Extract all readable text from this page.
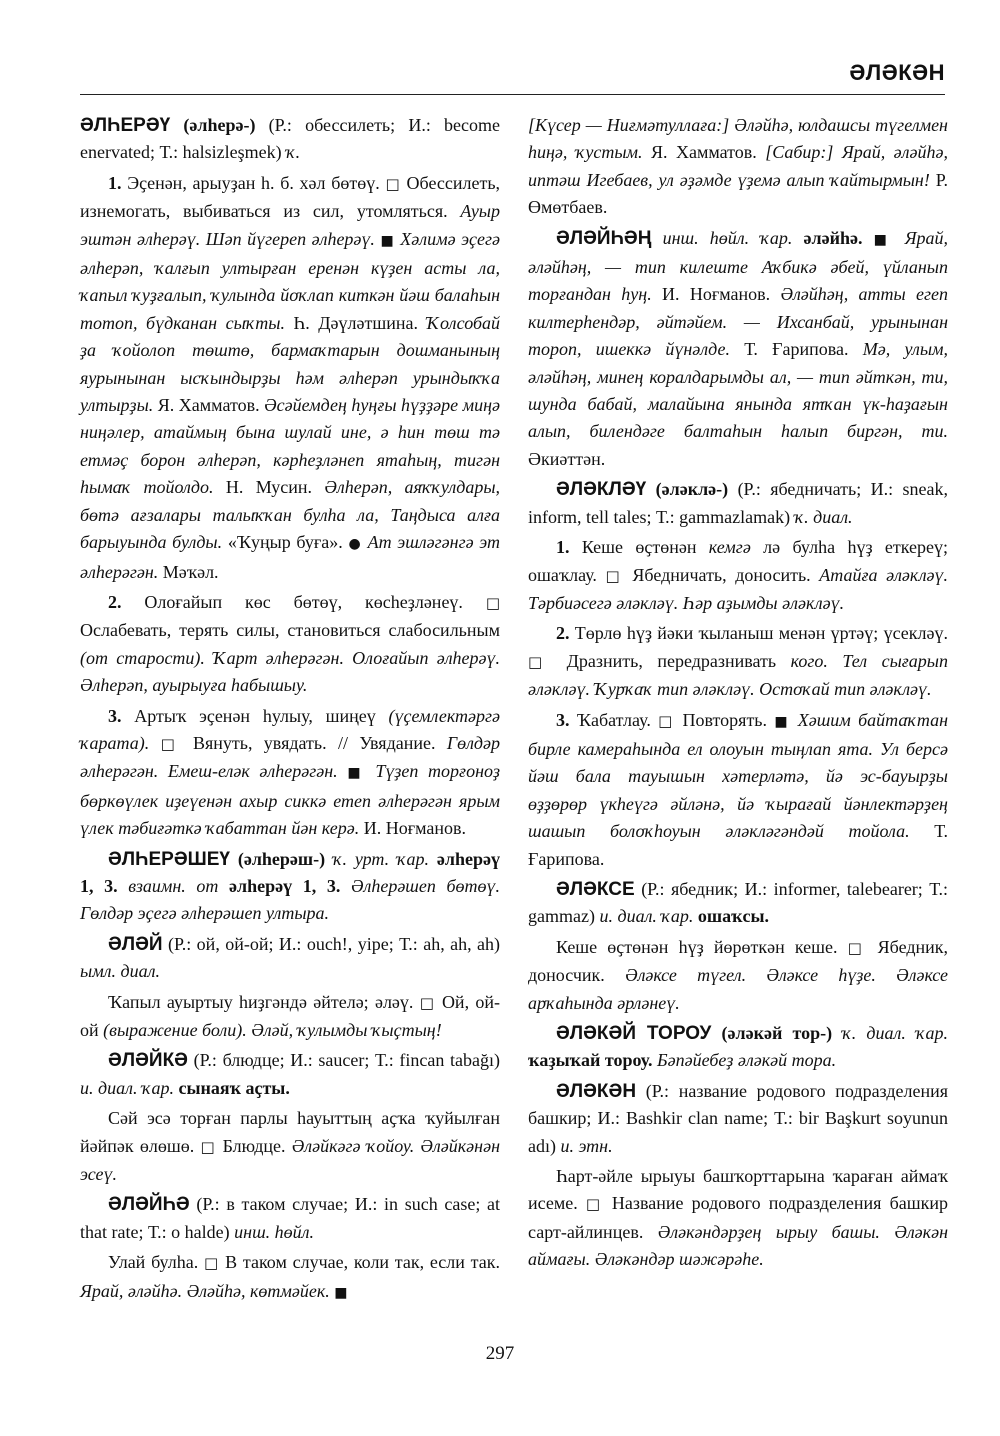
ӘЛӘКӘН

ӘЛҺЕРӘҮ (әлһерә-) (Р.: обессилеть; И.: become enervated; Т.: halsizleşmek) ҡ.

1. Эҫенән, арыуҙан һ. б. хәл бөтөү. □ Обессилеть, изнемогать, выбиваться из сил, утомляться. Ауыр эштән әлһерәү. Шәп йүгереп әлһерәү. ■ Хәлимә эҫегә әлһерәп, ҡалғып ултырған еренән күҙен асты ла, ҡапыл ҡуҙғалып, ҡулында йоҡлап киткән йәш балаһын тотоп, бүдканан сыҡты. Һ. Дәүләтшина. Ҡолсобай ҙа ҡойолоп төштө, бармаҡтарын дошманының яурынынан ысҡындырҙы һәм әлһерәп урындыҡҡа ултырҙы. Я. Хамматов. Әсәйемдең һуңғы һүҙҙәре миңә ниңәлер, атаймың бына шулай ине, ә һин төш тә етмәҫ борон әлһерәп, кәрһеҙләнеп ятаһың, тигән һымаҡ тойолдо. Н. Мусин. Әлһерәп, аяҡҡулдары, бөтә ағзалары талыҡҡан булһа ла, Таңдыса алға барыуында булды. «Ҡуңыр буға». ● Ат эшләгәнгә эт әлһерәгән. Мәҡәл.

2. Олоғайып көс бөтөү, көсһеҙләнеү. □ Ослабевать, терять силы, становиться слабосильным (от старости). Ҡарт әлһерәгән. Олоғайып әлһерәү. Әлһерәп, ауырыуға һабышыу.

3. Артыҡ эҫенән һулыу, шиңеү (үҫемлектәргә ҡарата). □ Вянуть, увядать. // Увядание. Гөлдәр әлһерәгән. Емеш-еләк әлһерәгән. ■ Түҙеп торғоноҙ бөркөүлек иҙеүенән ахыр сиккә етеп әлһерәгән ярым үлек тәбиғәткә ҡабаттан йән керә. И. Ноғманов.

ӘЛҺЕРӘШЕҮ (әлһерәш-) ҡ. урт. ҡар. әлһерәү 1, 3. взаимн. от әлһерәү 1, 3. Әлһерәшеп бөтөү. Гөлдәр эҫегә әлһерәшеп ултыра.

ӘЛӘЙ (Р.: ой, ой-ой; И.: ouch!, yipe; Т.: ah, ah, ah) ымл. диал.

Ҡапыл ауыртыу һиҙгәндә әйтелә; әләү. □ Ой, ой-ой (выражение боли). Әләй, ҡулымды ҡыҫтың!

ӘЛӘЙКӘ (Р.: блюдце; И.: saucer; Т.: fincan tabağı) и. диал. ҡар. сынаяҡ аҫты.

Сәй эсә торған парлы һауыттың аҫҡа ҡуйылған йәйпәк өлөшө. □ Блюдце. Әләйкәгә ҡойоу. Әләйкәнән эсеү.

ӘЛӘЙҺӘ (Р.: в таком случае; И.: in such case; at that rate; Т.: o halde) инш. һөйл.

Улай булһа. □ В таком случае, коли так, если так. Ярай, әләйһә. Әләйһә, көтмәйек. ■

[Күсер — Ниғмәтуллаға:] Әләйһә, юлдашсы түгелмен һиңә, ҡустым. Я. Хамматов. [Сабир:] Ярай, әләйһә, иптәш Игебаев, ул әҙәмде үҙемә алып ҡайтырмын! Р. Өмөтбаев.

ӘЛӘЙҺӘҢ инш. һөйл. ҡар. әләйһә. ■ Ярай, әләйһәң, — тип килеште Аҡбикә әбей, үйланып торғандан һуң. И. Ноғманов. Әләйһәң, атты егеп килтерһендәр, әйтәйем. — Ихсанбай, урынынан тороп, ишеккә йүнәлде. Т. Ғарипова. Мә, улым, әләйһәң, минең коралдарымды ал, — тип әйткән, ти, шунда бабай, малайына янында ятҡан үк-һаҙағын алып, билендәге балтаһын һалып биргән, ти. Әкиәттән.

ӘЛӘКЛӘҮ (әләклә-) (Р.: ябедничать; И.: sneak, inform, tell tales; Т.: gammazlamak) ҡ. диал.

1. Кеше өҫтөнән кемгә лә булһа һүҙ еткереү; ошаҡлау. □ Ябедничать, доносить. Атайға әләкләү. Тәрбиәсегә әләкләү. Һәр аҙымды әләкләү.

2. Төрлө һүҙ йәки ҡыланыш менән үртәү; үсекләү. □ Дразнить, передразнивать кого. Тел сығарып әләкләү. Ҡурҡаҡ тип әләкләү. Остоҡай тип әләкләү.

3. Ҡабатлау. □ Повторять. ■ Хәшим байтаҡтан бирле камераһында ел олоуын тыңлап ята. Ул берсә йәш бала тауышын хәтерләтә, йә эс-бауырҙы өҙҙөрөр үкһеүгә әйләнә, йә ҡырағай йәнлектәрҙең шашып болоҡһоуын әләкләгәндәй тойола. Т. Ғарипова.

ӘЛӘКСЕ (Р.: ябедник; И.: informer, talebearer; Т.: gammaz) и. диал. ҡар. ошаҡсы.

Кеше өҫтөнән һүҙ йөрөткән кеше. □ Ябедник, доносчик. Әләксе түгел. Әләксе һүҙе. Әләксе арҡаһында әрләнеү.

ӘЛӘКӘЙ ТОРОУ (әләкәй тор-) ҡ. диал. ҡар. ҡаҙыҡай тороу. Бәпәйебеҙ әләкәй тора.

ӘЛӘКӘН (Р.: название родового подразделения башкир; И.: Bashkir clan name; Т.: bir Başkurt soyunun adı) и. этн.

Һарт-әйле ырыуы башҡорттарына ҡараған аймаҡ исеме. □ Название родового подразделения башкир сарт-айлинцев. Әләкәндәрҙең ырыу башы. Әләкән аймағы. Әләкәндәр шәжәрәһе.

297
